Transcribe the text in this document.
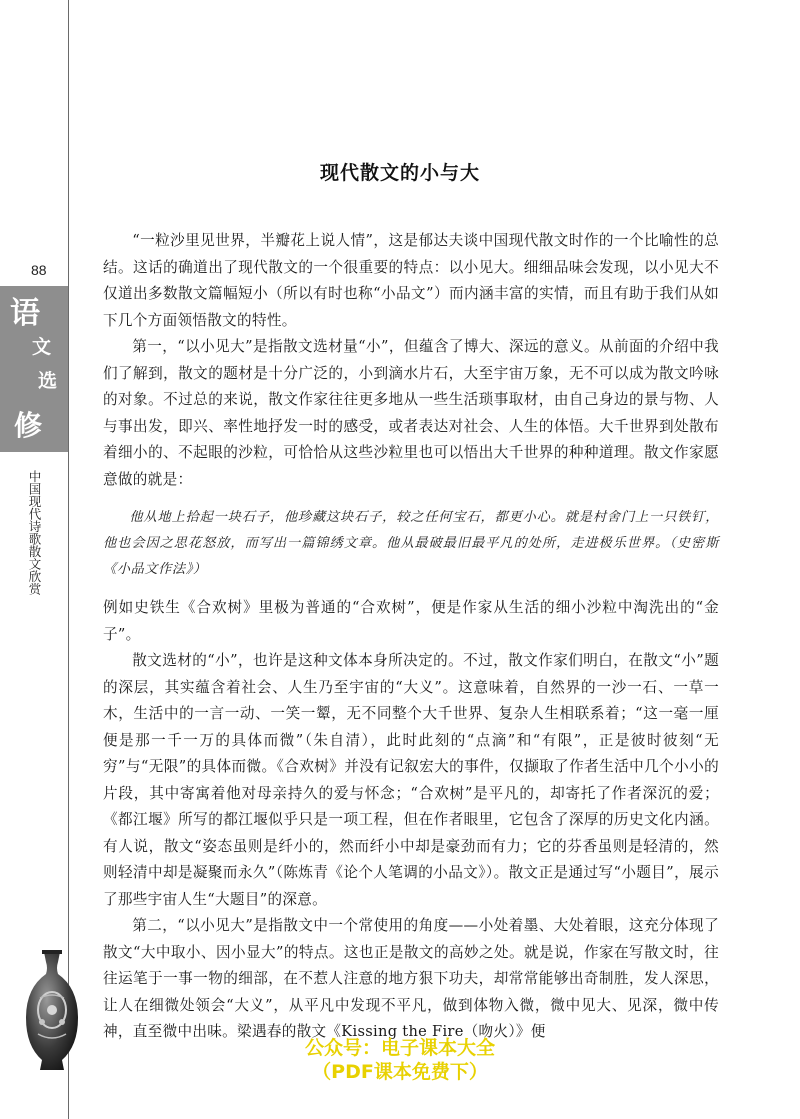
88
语
文
选
修
中国现代诗歌散文欣赏
现代散文的小与大

“一粒沙里见世界，半瓣花上说人情”，这是郁达夫谈中国现代散文时作的一个比喻性的总结。这话的确道出了现代散文的一个很重要的特点：以小见大。细细品味会发现，以小见大不仅道出多数散文篇幅短小（所以有时也称“小品文”）而内涵丰富的实情，而且有助于我们从如下几个方面领悟散文的特性。

第一，“以小见大”是指散文选材量“小”，但蕴含了博大、深远的意义。从前面的介绍中我们了解到，散文的题材是十分广泛的，小到滴水片石，大至宇宙万象，无不可以成为散文吟咏的对象。不过总的来说，散文作家往往更多地从一些生活琐事取材，由自己身边的景与物、人与事出发，即兴、率性地抒发一时的感受，或者表达对社会、人生的体悟。大千世界到处散布着细小的、不起眼的沙粒，可恰恰从这些沙粒里也可以悟出大千世界的种种道理。散文作家愿意做的就是：

他从地上拾起一块石子，他珍藏这块石子，较之任何宝石，都更小心。就是村舍门上一只铁钉，他也会因之思花怒放，而写出一篇锦绣文章。他从最破最旧最平凡的处所，走进极乐世界。（史密斯《小品文作法》）

例如史铁生《合欢树》里极为普通的“合欢树”，便是作家从生活的细小沙粒中淘洗出的“金子”。

散文选材的“小”，也许是这种文体本身所决定的。不过，散文作家们明白，在散文“小”题的深层，其实蕴含着社会、人生乃至宇宙的“大义”。这意味着，自然界的一沙一石、一草一木，生活中的一言一动、一笑一颦，无不同整个大千世界、复杂人生相联系着；“这一毫一厘便是那一千一万的具体而微”（朱自清），此时此刻的“点滴”和“有限”，正是彼时彼刻“无穷”与“无限”的具体而微。《合欢树》并没有记叙宏大的事件，仅撷取了作者生活中几个小小的片段，其中寄寓着他对母亲持久的爱与怀念；“合欢树”是平凡的，却寄托了作者深沉的爱；《都江堰》所写的都江堰似乎只是一项工程，但在作者眼里，它包含了深厚的历史文化内涵。有人说，散文“姿态虽则是纤小的，然而纤小中却是豪劲而有力；它的芬香虽则是轻清的，然则轻清中却是凝聚而永久”（陈炼青《论个人笔调的小品文》）。散文正是通过写“小题目”，展示了那些宇宙人生“大题目”的深意。

第二，“以小见大”是指散文中一个常使用的角度——小处着墨、大处着眼，这充分体现了散文“大中取小、因小显大”的特点。这也正是散文的高妙之处。就是说，作家在写散文时，往往运笔于一事一物的细部，在不惹人注意的地方狠下功夫，却常常能够出奇制胜，发人深思，让人在细微处领会“大义”，从平凡中发现不平凡，做到体物入微，微中见大、见深，微中传神，直至微中出味。梁遇春的散文《Kissing the Fire（吻火）》便

公众号：电子课本大全
（PDF课本免费下）
